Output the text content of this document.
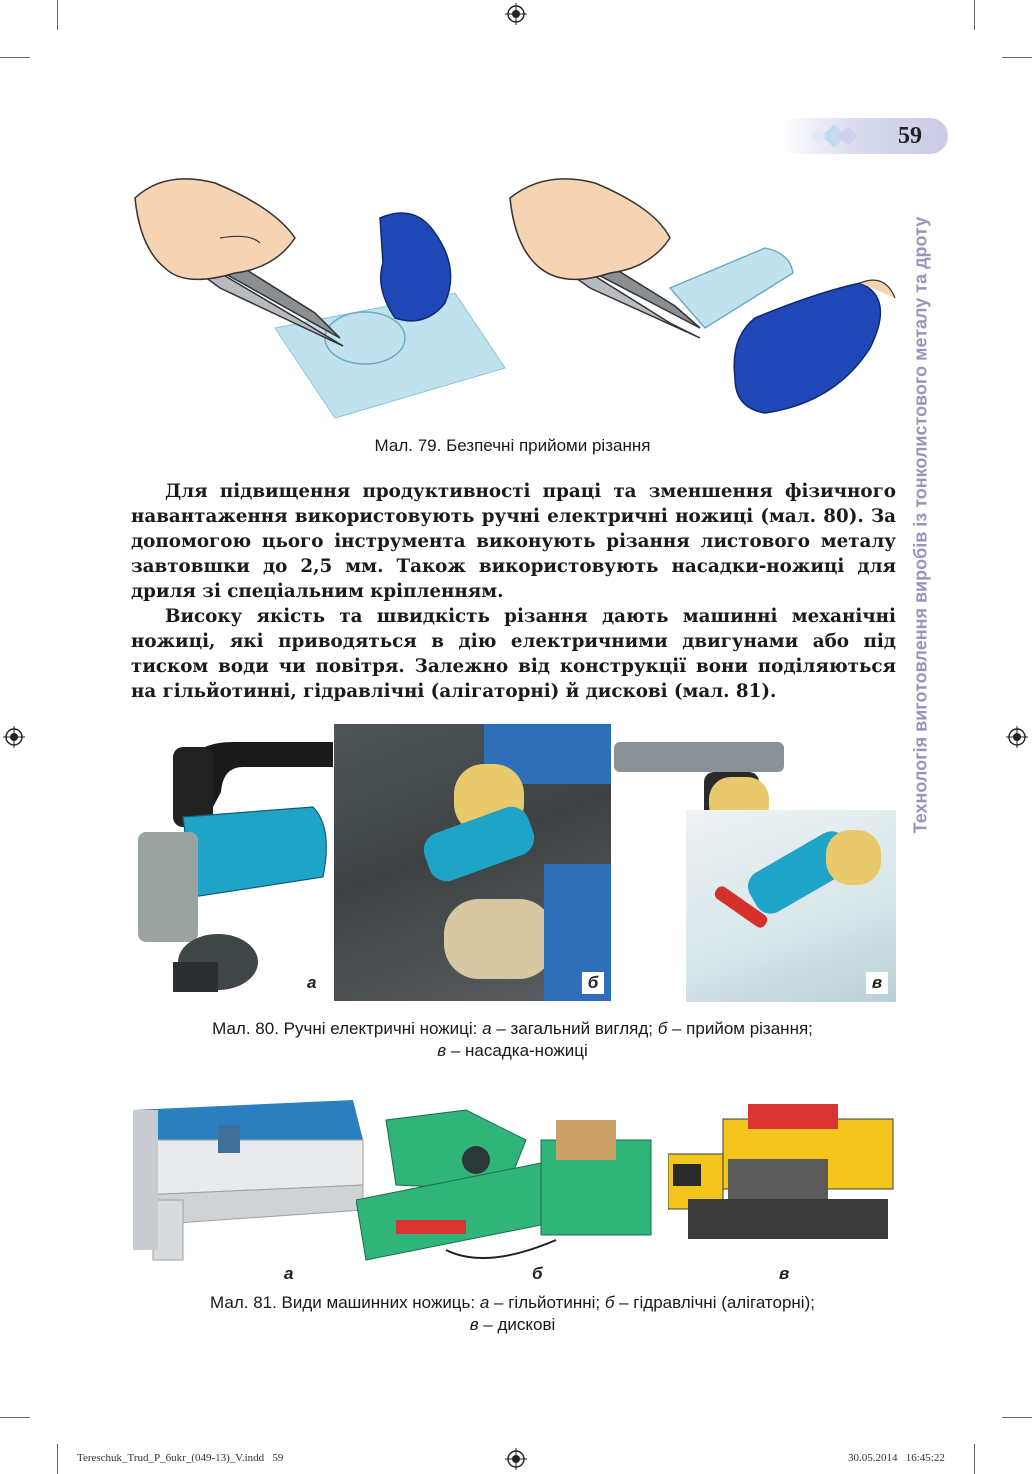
59
Технологія виготовлення виробів із тонколистового металу та дроту
Мал. 79. Безпечні прийоми різання

Для підвищення продуктивності праці та зменшення фізичного навантаження використовують ручні електричні ножиці (мал. 80). За допомогою цього інструмента виконують різання листового металу завтовшки до 2,5 мм. Також використовують насадки-ножиці для дриля зі спеціальним кріпленням.

Високу якість та швидкість різання дають машинні механічні ножиці, які приводяться в дію електричними двигунами або під тиском води чи повітря. Залежно від конструкції вони поділяються на гільйотинні, гідравлічні (алігаторні) й дискові (мал. 81).

а	б	в
Мал. 80. Ручні електричні ножиці: а – загальний вигляд; б – прийом різання;
в – насадка-ножиці
а	б	в
Мал. 81. Види машинних ножиць: а – гільйотинні; б – гідравлічні (алігаторні);
в – дискові
Tereschuk_Trud_P_6ukr_(049-13)_V.indd   59	30.05.2014   16:45:22
